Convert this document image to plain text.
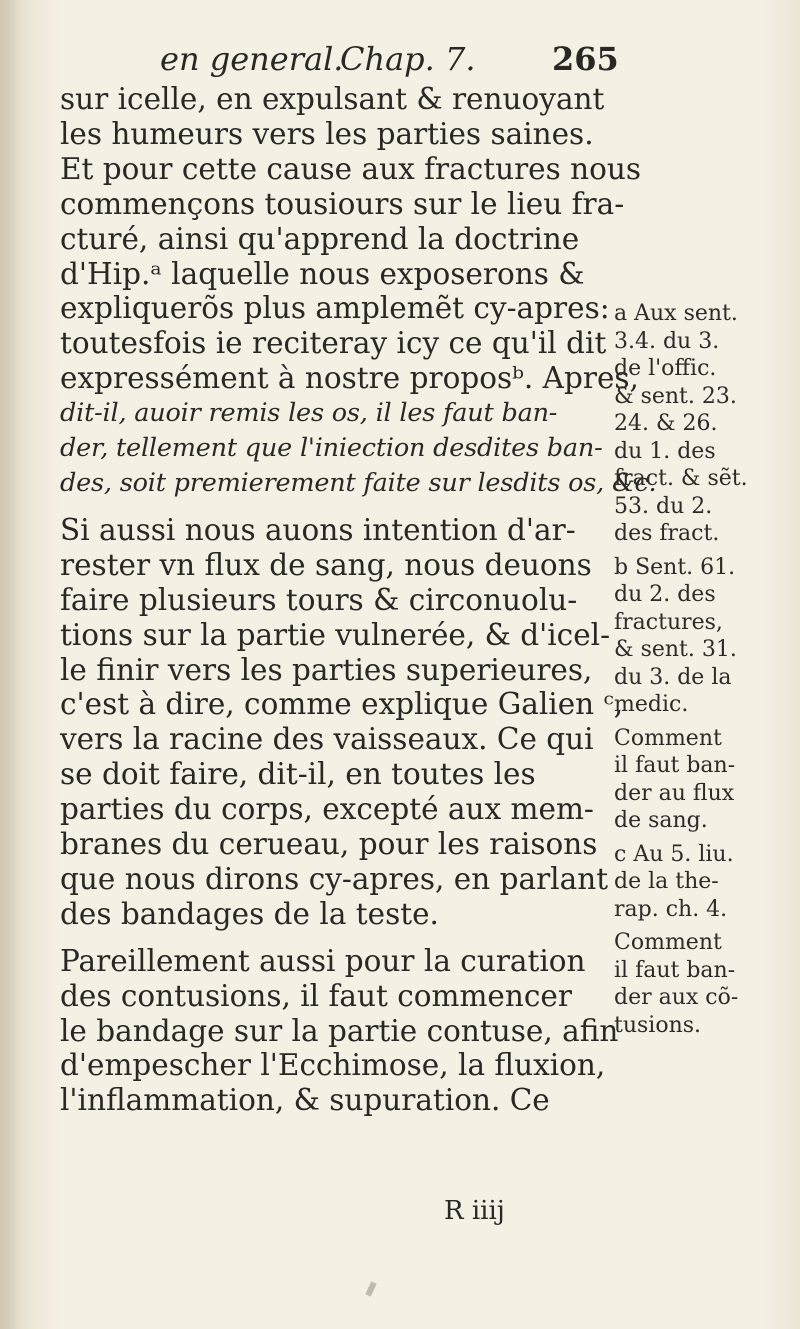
en general.
Chap. 7. 265
sur icelle, en expulsant & renuoyant
les humeurs vers les parties saines.
Et pour cette cause aux fractures nous
commençons tousiours sur le lieu fra-
cturé, ainsi qu'apprend la doctrine
d'Hip.ᵃ laquelle nous exposerons &
expliquerõs plus amplemẽt cy-apres:
toutesfois ie reciteray icy ce qu'il dit
expressément à nostre proposᵇ. Apres,
dit-il, auoir remis les os, il les faut ban-
der, tellement que l'iniection desdites ban-
des, soit premierement faite sur lesdits os, &c.
Si aussi nous auons intention d'ar-
rester vn flux de sang, nous deuons
faire plusieurs tours & circonuolu-
tions sur la partie vulnerée, & d'icel-
le finir vers les parties superieures,
c'est à dire, comme explique Galien ᶜ,
vers la racine des vaisseaux. Ce qui
se doit faire, dit-il, en toutes les
parties du corps, excepté aux mem-
branes du cerueau, pour les raisons
que nous dirons cy-apres, en parlant
des bandages de la teste.
Pareillement aussi pour la curation
des contusions, il faut commencer
le bandage sur la partie contuse, afin
d'empescher l'Ecchimose, la fluxion,
l'inflammation, & supuration. Ce
a Aux sent.
3.4. du 3.
de l'offic.
& sent. 23.
24. & 26.
du 1. des
fract. & sẽt.
53. du 2.
des fract.
b Sent. 61.
du 2. des
fractures,
& sent. 31.
du 3. de la
medic.
Comment
il faut ban-
der au flux
de sang.
c Au 5. liu.
de la the-
rap. ch. 4.
Comment
il faut ban-
der aux cõ-
tusions.
R iiij
